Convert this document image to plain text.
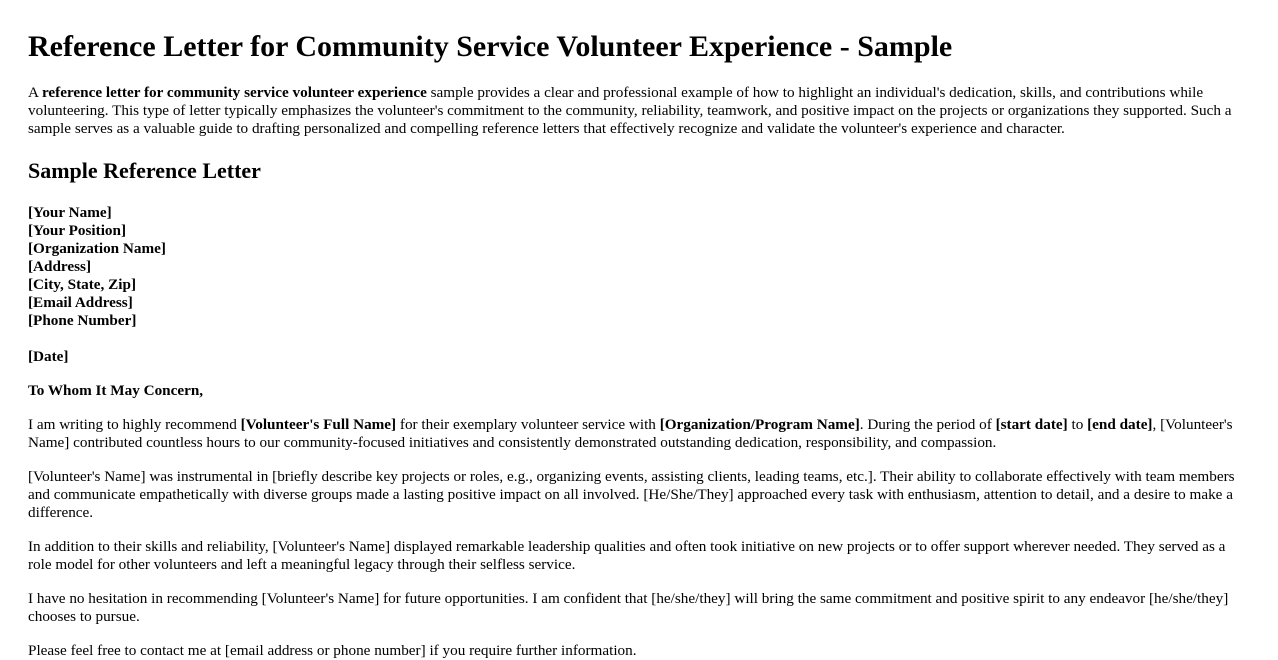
Reference Letter for Community Service Volunteer Experience - Sample

A reference letter for community service volunteer experience sample provides a clear and professional example of how to highlight an individual's dedication, skills, and contributions while volunteering. This type of letter typically emphasizes the volunteer's commitment to the community, reliability, teamwork, and positive impact on the projects or organizations they supported. Such a sample serves as a valuable guide to drafting personalized and compelling reference letters that effectively recognize and validate the volunteer's experience and character.

Sample Reference Letter

[Your Name]
[Your Position]
[Organization Name]
[Address]
[City, State, Zip]
[Email Address]
[Phone Number]

[Date]

To Whom It May Concern,

I am writing to highly recommend [Volunteer's Full Name] for their exemplary volunteer service with [Organization/Program Name]. During the period of [start date] to [end date], [Volunteer's Name] contributed countless hours to our community-focused initiatives and consistently demonstrated outstanding dedication, responsibility, and compassion.

[Volunteer's Name] was instrumental in [briefly describe key projects or roles, e.g., organizing events, assisting clients, leading teams, etc.]. Their ability to collaborate effectively with team members and communicate empathetically with diverse groups made a lasting positive impact on all involved. [He/She/They] approached every task with enthusiasm, attention to detail, and a desire to make a difference.

In addition to their skills and reliability, [Volunteer's Name] displayed remarkable leadership qualities and often took initiative on new projects or to offer support wherever needed. They served as a role model for other volunteers and left a meaningful legacy through their selfless service.

I have no hesitation in recommending [Volunteer's Name] for future opportunities. I am confident that [he/she/they] will bring the same commitment and positive spirit to any endeavor [he/she/they] chooses to pursue.

Please feel free to contact me at [email address or phone number] if you require further information.
